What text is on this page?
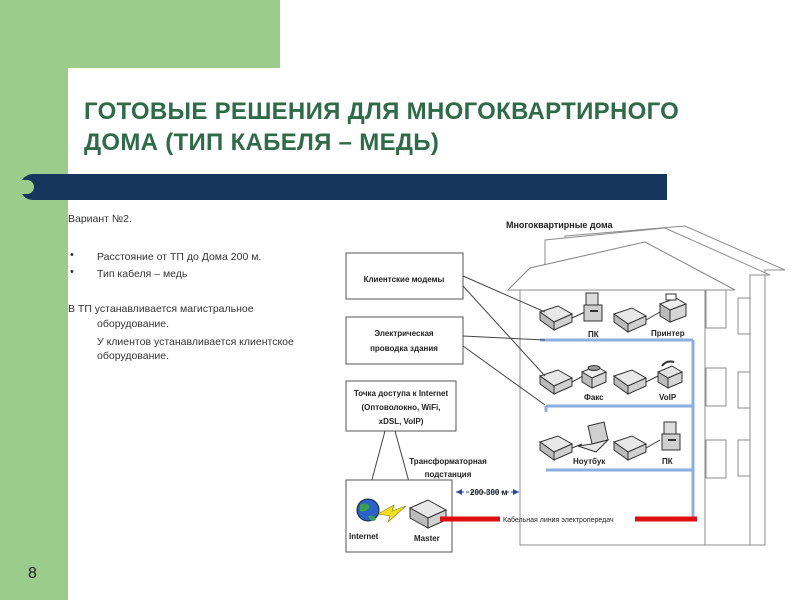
ГОТОВЫЕ РЕШЕНИЯ ДЛЯ МНОГОКВАРТИРНОГО
ДОМА (ТИП КАБЕЛЯ – МЕДЬ)
Вариант №2.
• Расстояние от ТП до Дома 200 м.
• Тип кабеля – медь
В ТП устанавливается магистральное
оборудование.
У клиентов устанавливается клиентское
оборудование.
8
Многоквартирные дома
ПК	Принтер
Факс	VoIP
Ноутбук	ПК
Клиентские модемы
Электрическая
проводка здания
Точка доступа к Internet
(Оптоволокно, WiFi,
xDSL, VoIP)
Трансформаторная
подстанция
Internet	Master
200-300 м
Кабельная линия электропередач
